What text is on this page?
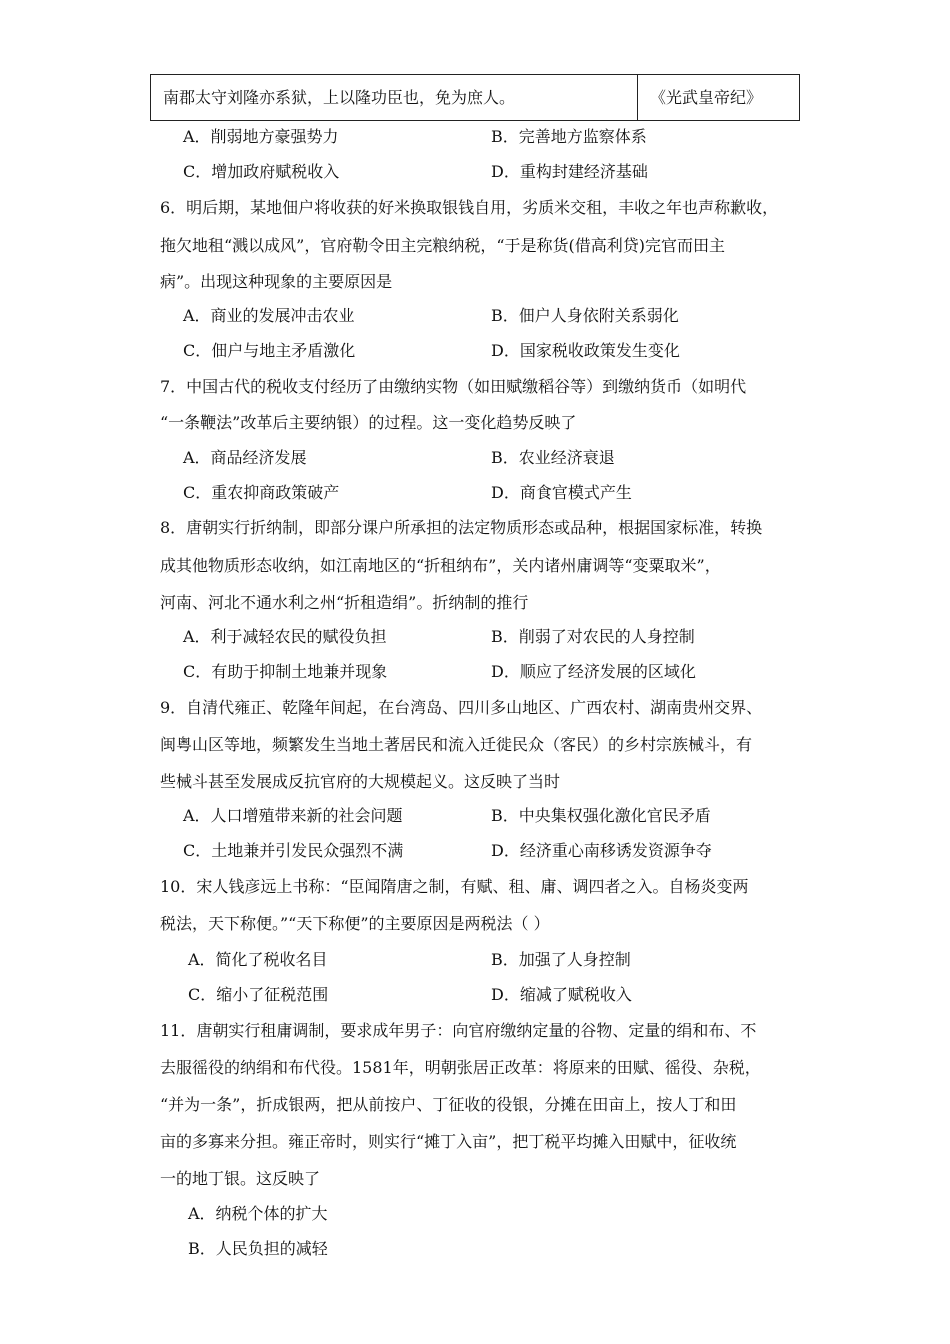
南郡太守刘隆亦系狱，上以隆功臣也，免为庶人。	《光武皇帝纪》
A．削弱地方豪强势力	B．完善地方监察体系
C．增加政府赋税收入	D．重构封建经济基础
6．明后期，某地佃户将收获的好米换取银钱自用，劣质米交租，丰收之年也声称歉收，
拖欠地租“溅以成风”，官府勒令田主完粮纳税，“于是称货(借高利贷)完官而田主
病”。出现这种现象的主要原因是
A．商业的发展冲击农业	B．佃户人身依附关系弱化
C．佃户与地主矛盾激化	D．国家税收政策发生变化
7．中国古代的税收支付经历了由缴纳实物（如田赋缴稻谷等）到缴纳货币（如明代
“一条鞭法”改革后主要纳银）的过程。这一变化趋势反映了
A．商品经济发展	B．农业经济衰退
C．重农抑商政策破产	D．商食官模式产生
8．唐朝实行折纳制，即部分课户所承担的法定物质形态或品种，根据国家标准，转换
成其他物质形态收纳，如江南地区的“折租纳布”，关内诸州庸调等“变粟取米”，
河南、河北不通水利之州“折租造绢”。折纳制的推行
A．利于减轻农民的赋役负担	B．削弱了对农民的人身控制
C．有助于抑制土地兼并现象	D．顺应了经济发展的区域化
9．自清代雍正、乾隆年间起，在台湾岛、四川多山地区、广西农村、湖南贵州交界、
闽粤山区等地，频繁发生当地土著居民和流入迁徙民众（客民）的乡村宗族械斗，有
些械斗甚至发展成反抗官府的大规模起义。这反映了当时
A．人口增殖带来新的社会问题	B．中央集权强化激化官民矛盾
C．土地兼并引发民众强烈不满	D．经济重心南移诱发资源争夺
10．宋人钱彦远上书称：“臣闻隋唐之制，有赋、租、庸、调四者之入。自杨炎变两
税法，天下称便。”“天下称便”的主要原因是两税法（ ）
A．简化了税收名目	B．加强了人身控制
C．缩小了征税范围	D．缩减了赋税收入
11．唐朝实行租庸调制，要求成年男子：向官府缴纳定量的谷物、定量的绢和布、不
去服徭役的纳绢和布代役。1581年，明朝张居正改革：将原来的田赋、徭役、杂税，
“并为一条”，折成银两，把从前按户、丁征收的役银，分摊在田亩上，按人丁和田
亩的多寡来分担。雍正帝时，则实行“摊丁入亩”，把丁税平均摊入田赋中，征收统
一的地丁银。这反映了
A．纳税个体的扩大
B．人民负担的减轻
